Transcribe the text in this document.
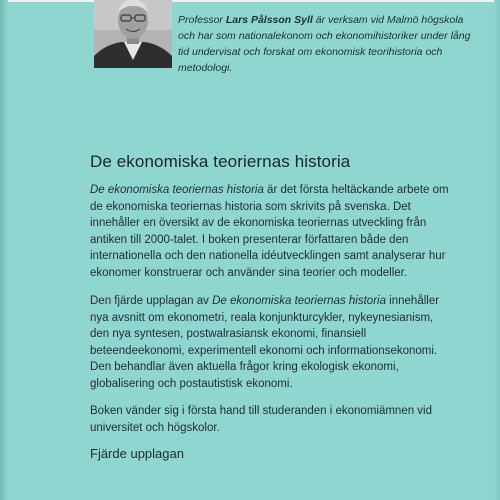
Professor Lars Pålsson Syll är verksam vid Malmö högskola och har som nationalekonom och ekonomihistoriker under lång tid undervisat och forskat om ekonomisk teorihistoria och metodologi.
De ekonomiska teoriernas historia

De ekonomiska teoriernas historia är det första heltäckande arbete om de ekonomiska teoriernas historia som skrivits på svenska. Det innehåller en översikt av de ekonomiska teoriernas utveckling från antiken till 2000-talet. I boken presenterar författaren både den internationella och den nationella idéutvecklingen samt analyserar hur ekonomer konstruerar och använder sina teorier och modeller.

Den fjärde upplagan av De ekonomiska teoriernas historia innehåller nya avsnitt om ekonometri, reala konjunkturcykler, nykeynesianism, den nya syntesen, postwalrasiansk ekonomi, finansiell beteendeekonomi, experimentell ekonomi och informationsekonomi. Den behandlar även aktuella frågor kring ekologisk ekonomi, globalisering och postautistisk ekonomi.

Boken vänder sig i första hand till studeranden i ekonomiämnen vid universitet och högskolor.

Fjärde upplagan
